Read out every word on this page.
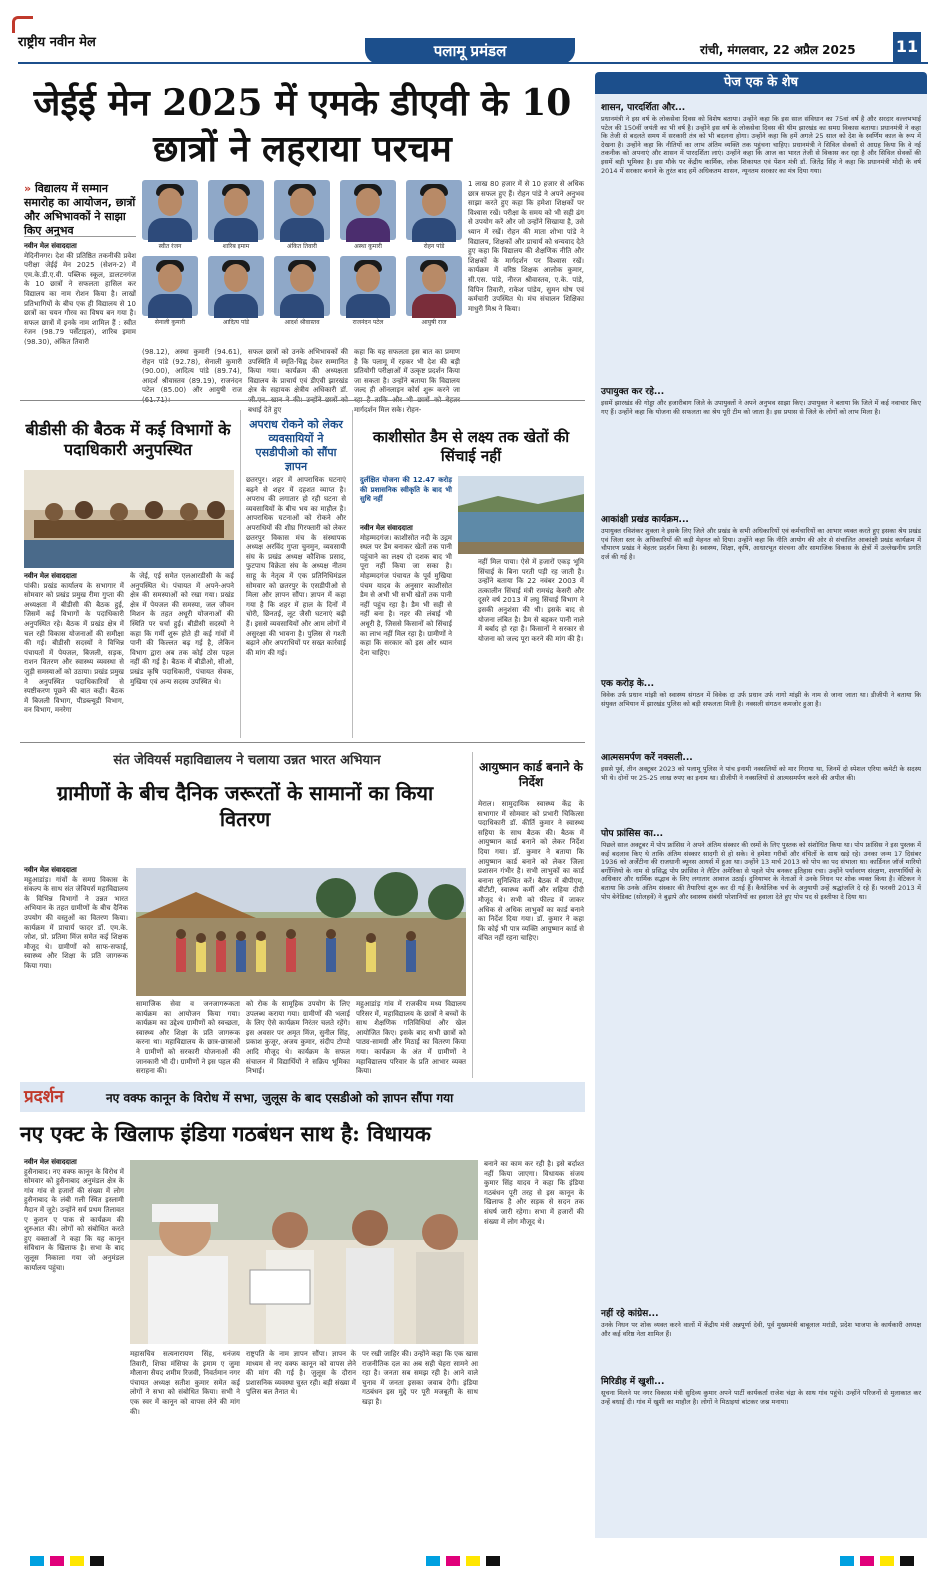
राष्ट्रीय नवीन मेल	पलामू प्रमंडल	रांची, मंगलवार, 22 अप्रैल 2025	11
जेईई मेन 2025 में एमके डीएवी के 10 छात्रों ने लहराया परचम
» विद्यालय में सम्मान समारोह का आयोजन, छात्रों और अभिभावकों ने साझा किए अनुभव
नवीन मेल संवाददाता
मेदिनीनगर। देश की प्रतिष्ठित तकनीकी प्रवेश परीक्षा जेईई मेन 2025 (सेशन-2) में एम.के.डी.ए.वी. पब्लिक स्कूल, डालटनगंज के 10 छात्रों ने सफलता हासिल कर विद्यालय का नाम रोशन किया है। लाखों प्रतिभागियों के बीच एक ही विद्यालय से 10 छात्रों का चयन गौरव का विषय बन गया है। सफल छात्रों में इनके नाम शामिल हैं : स्वीत रंजन (98.79 पर्सेंटाइल), शारिब इमाम (98.30), अंकित तिवारी
स्वीत रंजन	शारिब इमाम	अंकित तिवारी	अस्था कुमारी	रोहन पांडे
सेनाली कुमारी	आदित्य पांडे	आदर्श श्रीवास्तव	राजनंदन पटेल	आयुषी राज
(98.12), अस्था कुमारी (94.61), रोहन पांडे (92.78), सेनाली कुमारी (90.00), आदित्य पांडे (89.74), आदर्श श्रीवास्तव (89.19), राजनंदन पटेल (85.00) और आयुषी राज
सफल छात्रों को उनके अभिभावकों की उपस्थिति में स्मृति-चिह्न देकर सम्मानित किया गया। कार्यक्रम की अध्यक्षता विद्यालय के प्राचार्य एवं डीएवी झारखंड क्षेत्र के सहायक क्षेत्रीय अधिकारी डॉ. बधाई देते हुए
कहा कि यह सफलता इस बात का प्रमाण है कि पलामू में रहकर भी देश की बड़ी प्रतियोगी परीक्षाओं में उत्कृष्ट प्रदर्शन किया जा सकता है। उन्होंने बताया कि विद्यालय जल्द ही ऑनलाइन कोर्स शुरू करने जा मार्गदर्शन मिल सके। रोहन-
1 लाख 80 हजार में से 10 हजार से अधिक छात्र सफल हुए हैं। रोहन पांडे ने अपने अनुभव साझा करते हुए कहा कि हमेशा शिक्षकों पर विश्वास रखें। परीक्षा के समय को भी सही ढंग से उपयोग करें और जो उन्होंने सिखाया है, उसे ध्यान में रखें। रोहन की माता शोभा पांडे ने विद्यालय, शिक्षकों और प्राचार्य को धन्यवाद देते हुए कहा कि विद्यालय की शैक्षणिक नीति और शिक्षकों के मार्गदर्शन पर विश्वास रखें। कार्यक्रम में वरिष्ठ शिक्षक आलोक कुमार, सी.एस. पांडे, नीरज श्रीवास्तव, ए.के. पांडे, विपिन तिवारी, राकेश पांडेय, सुमन घोष एवं कर्मचारी उपस्थित थे। मंच संचालन शिक्षिका माधुरी मिश्र ने किया।
बीडीसी की बैठक में कई विभागों के पदाधिकारी अनुपस्थित
नवीन मेल संवाददाता
पांकी। प्रखंड कार्यालय के सभागार में सोमवार को प्रखंड प्रमुख रीमा गुप्ता की अध्यक्षता में बीडीसी की बैठक हुई, जिसमें कई विभागों के पदाधिकारी अनुपस्थित रहे। बैठक में प्रखंड क्षेत्र में चल रही विकास योजनाओं की समीक्षा की गई। बीडीसी सदस्यों ने विभिन्न पंचायतों में पेयजल, बिजली, सड़क, राशन वितरण और स्वास्थ्य व्यवस्था से जुड़ी समस्याओं को उठाया। प्रखंड प्रमुख ने अनुपस्थित पदाधिकारियों से स्पष्टीकरण पूछने की बात कही। बैठक में बिजली विभाग, पीडब्ल्यूडी विभाग, वन विभाग, मनरेगा
के जेई, एई समेत एलआरडीसी के कई अनुपस्थित थे। पंचायत में अपने-अपने क्षेत्र की समस्याओं को रखा गया। प्रखंड क्षेत्र में पेयजल की समस्या, जल जीवन मिशन के तहत अधूरी योजनाओं की स्थिति पर चर्चा हुई। बीडीसी सदस्यों ने कहा कि गर्मी शुरू होते ही कई गांवों में पानी की किल्लत बढ़ गई है, लेकिन विभाग द्वारा अब तक कोई ठोस पहल नहीं की गई है। बैठक में बीडीओ, सीओ, प्रखंड कृषि पदाधिकारी, पंचायत सेवक, मुखिया एवं अन्य सदस्य उपस्थित थे।
अपराध रोकने को लेकर व्यवसायियों ने एसडीपीओ को सौंपा ज्ञापन
छतरपुर। शहर में आपराधिक घटनाएं बढ़ने से शहर में दहशत व्याप्त है। अपराध की लगातार हो रही घटना से व्यवसायियों के बीच भय का माहौल है। आपराधिक घटनाओं को रोकने और अपराधियों की शीघ्र गिरफ्तारी को लेकर छतरपुर विकास मंच के संस्थापक अध्यक्ष अरविंद गुप्ता चुनमुन, व्यवसायी संघ के प्रखंड अध्यक्ष कौशिक प्रसाद, फुटपाथ विक्रेता संघ के अध्यक्ष नीतम साहू के नेतृत्व में एक प्रतिनिधिमंडल सोमवार को छतरपुर के एसडीपीओ से मिला और ज्ञापन सौंपा। ज्ञापन में कहा गया है कि शहर में हाल के दिनों में चोरी, छिनतई, लूट जैसी घटनाएं बढ़ी हैं। इससे व्यवसायियों और आम लोगों में असुरक्षा की भावना है। पुलिस से गश्ती बढ़ाने और अपराधियों पर सख्त कार्रवाई की मांग की गई।
काशीसोत डैम से लक्ष्य तक खेतों की सिंचाई नहीं
दुर्लक्षित योजना की 12.47 करोड़ की प्रशासनिक स्वीकृति के बाद भी सुधि नहीं
नवीन मेल संवाददाता
मोहम्मदगंज। काशीसोत नदी के उद्गम स्थल पर डैम बनाकर खेतों तक पानी पहुंचाने का लक्ष्य दो दशक बाद भी पूरा नहीं किया जा सका है। मोहम्मदगंज पंचायत के पूर्व मुखिया पंचम यादव के अनुसार काशीसोत डैम से अभी भी सभी खेतों तक पानी नहीं पहुंच रहा है। डैम भी सही से नहीं बना है। नहर की लंबाई भी अधूरी है, जिससे किसानों को सिंचाई का लाभ नहीं मिल रहा है। ग्रामीणों ने कहा कि सरकार को इस ओर ध्यान देना चाहिए।
नहीं मिल पाया। ऐसे में हजारों एकड़ भूमि सिंचाई के बिना परती पड़ी रह जाती है। उन्होंने बताया कि 22 नवंबर 2003 में तत्कालीन सिंचाई मंत्री रामचंद्र केसरी और दूसरे वर्ष 2013 में लघु सिंचाई विभाग ने इसकी अनुशंसा की थी। इसके बाद से योजना लंबित है। डैम से बहकर पानी नाले में बर्बाद हो रहा है। किसानों ने सरकार से योजना को जल्द पूरा करने की मांग की है।
संत जेवियर्स महाविद्यालय ने चलाया उन्नत भारत अभियान
ग्रामीणों के बीच दैनिक जरूरतों के सामानों का किया वितरण
नवीन मेल संवाददाता
महुआडांड़। गांवों के समग्र विकास के संकल्प के साथ संत जेवियर्स महाविद्यालय के विभिन्न विभागों ने उन्नत भारत अभियान के तहत ग्रामीणों के बीच दैनिक उपयोग की वस्तुओं का वितरण किया। कार्यक्रम में प्राचार्य फादर डॉ. एम.के. जोश, प्रो. प्रतिमा मिंज समेत कई शिक्षक मौजूद थे। ग्रामीणों को साफ-सफाई, स्वास्थ्य और शिक्षा के प्रति जागरूक किया गया।
सामाजिक सेवा व जनजागरूकता कार्यक्रम का आयोजन किया गया। कार्यक्रम का उद्देश्य ग्रामीणों को स्वच्छता, स्वास्थ्य और शिक्षा के प्रति जागरूक करना था। महाविद्यालय के छात्र-छात्राओं ने ग्रामीणों को सरकारी योजनाओं की जानकारी भी दी। ग्रामीणों ने इस पहल की सराहना की।
को रोक के सामूहिक उपयोग के लिए उपलब्ध कराया गया। ग्रामीणों की भलाई के लिए ऐसे कार्यक्रम निरंतर चलते रहेंगे। इस अवसर पर अमृत मिंज, सुनील सिंह, प्रकाश कुजूर, अजय कुमार, संदीप टोप्पो आदि मौजूद थे। कार्यक्रम के सफल संचालन में विद्यार्थियों ने सक्रिय भूमिका निभाई।
महुआडांड़ गांव में राजकीय मध्य विद्यालय परिसर में, महाविद्यालय के छात्रों ने बच्चों के साथ शैक्षणिक गतिविधियां और खेल आयोजित किए। इसके बाद सभी छात्रों को पाठ्य-सामग्री और मिठाई का वितरण किया गया। कार्यक्रम के अंत में ग्रामीणों ने महाविद्यालय परिवार के प्रति आभार व्यक्त किया।
आयुष्मान कार्ड बनाने के निर्देश
मेराल। सामुदायिक स्वास्थ्य केंद्र के सभागार में सोमवार को प्रभारी चिकित्सा पदाधिकारी डॉ. कीर्ति कुमार ने स्वास्थ्य सहिया के साथ बैठक की। बैठक में आयुष्मान कार्ड बनाने को लेकर निर्देश दिया गया। डॉ. कुमार ने बताया कि आयुष्मान कार्ड बनाने को लेकर जिला प्रशासन गंभीर है। सभी लाभुकों का कार्ड बनाना सुनिश्चित करें। बैठक में बीपीएम, बीटीटी, स्वास्थ्य कर्मी और सहिया दीदी मौजूद थे। सभी को फील्ड में जाकर अधिक से अधिक लाभुकों का कार्ड बनाने का निर्देश दिया गया। डॉ. कुमार ने कहा कि कोई भी पात्र व्यक्ति आयुष्मान कार्ड से वंचित नहीं रहना चाहिए।
प्रदर्शन	नए वक्फ कानून के विरोध में सभा, जुलूस के बाद एसडीओ को ज्ञापन सौंपा गया
नए एक्ट के खिलाफ इंडिया गठबंधन साथ है: विधायक
नवीन मेल संवाददाता
हुसैनाबाद। नए वक्फ कानून के विरोध में सोमवार को हुसैनाबाद अनुमंडल क्षेत्र के गांव गांव से हजारों की संख्या में लोग हुसैनाबाद के लंबी गली स्थित इस्लामी मैदान में जुटे। उन्होंने सर्व प्रथम तिलावत ए कुरान ए पाक से कार्यक्रम की शुरुआत की। लोगों को संबोधित करते हुए वक्ताओं ने कहा कि यह कानून संविधान के खिलाफ है। सभा के बाद जुलूस निकाला गया जो अनुमंडल कार्यालय पहुंचा।
महासचिव सत्यनारायण सिंह, धनंजय तिवारी, शिफा मंसिफा के इमाम ए जुमा मौलाना सैयद शमीम रिजवी, निवर्तमान नगर पंचायत अध्यक्ष सतीश कुमार समेत कई लोगों ने सभा को संबोधित किया। सभी ने एक स्वर में कानून को वापस लेने की मांग की।
राष्ट्रपति के नाम ज्ञापन सौंपा। ज्ञापन के माध्यम से नए वक्फ कानून को वापस लेने की मांग की गई है। जुलूस के दौरान प्रशासनिक व्यवस्था चुस्त रही। बड़ी संख्या में पुलिस बल तैनात थे।
पर रखी जाहिर की। उन्होंने कहा कि एक खास राजनीतिक दल का अब सही चेहरा सामने आ रहा है। जनता सब समझ रही है। आने वाले चुनाव में जनता इसका जवाब देगी। इंडिया गठबंधन इस मुद्दे पर पूरी मजबूती के साथ खड़ा है।
बनाने का काम कर रही है। इसे बर्दाश्त नहीं किया जाएगा। विधायक संजय कुमार सिंह यादव ने कहा कि इंडिया गठबंधन पूरी तरह से इस कानून के खिलाफ है और सड़क से सदन तक संघर्ष जारी रहेगा। सभा में हजारों की संख्या में लोग मौजूद थे।
पेज एक के शेष
शासन, पारदर्शिता और...
प्रधानमंत्री ने इस वर्ष के लोकसेवा दिवस को विशेष बताया। उन्होंने कहा कि इस साल संविधान का 75वां वर्ष है और सरदार वल्लभभाई पटेल की 150वीं जयंती का भी वर्ष है। उन्होंने इस वर्ष के लोकसेवा दिवस की थीम झारखंड का समग्र विकास बताया। प्रधानमंत्री ने कहा कि तेजी से बदलते समय में सरकारी तंत्र को भी बदलना होगा। उन्होंने कहा कि हमें अगले 25 साल को देश के स्वर्णिम काल के रूप में देखना है। उन्होंने कहा कि नीतियों का लाभ अंतिम व्यक्ति तक पहुंचना चाहिए। प्रधानमंत्री ने सिविल सेवकों से आग्रह किया कि वे नई तकनीक को अपनाएं और शासन में पारदर्शिता लाएं। उन्होंने कहा कि आज का भारत तेजी से विकास कर रहा है और सिविल सेवकों की इसमें बड़ी भूमिका है। इस मौके पर केंद्रीय कार्मिक, लोक शिकायत एवं पेंशन मंत्री डॉ. जितेंद्र सिंह ने कहा कि प्रधानमंत्री मोदी के वर्ष 2014 में सरकार बनाने के तुरंत बाद हमें अधिकतम शासन, न्यूनतम सरकार का मंत्र दिया गया।
उपायुक्त कर रहे...
इसमें झारखंड की गोड्डा और हजारीबाग जिले के उपायुक्तों ने अपने अनुभव साझा किए। उपायुक्त ने बताया कि जिले में कई नवाचार किए गए हैं। उन्होंने कहा कि योजना की सफलता का श्रेय पूरी टीम को जाता है। इस प्रयास से जिले के लोगों को लाभ मिला है।
आकांक्षी प्रखंड कार्यक्रम...
उपायुक्त रविशंकर शुक्ला ने इसके लिए जिले और प्रखंड के सभी अधिकारियों एवं कर्मचारियों का आभार व्यक्त करते हुए इसका श्रेय प्रखंड एवं जिला स्तर के अधिकारियों की कड़ी मेहनत को दिया। उन्होंने कहा कि नीति आयोग की ओर से संचालित आकांक्षी प्रखंड कार्यक्रम में चौपारण प्रखंड ने बेहतर प्रदर्शन किया है। स्वास्थ्य, शिक्षा, कृषि, आधारभूत संरचना और सामाजिक विकास के क्षेत्रों में उल्लेखनीय प्रगति दर्ज की गई है।
एक करोड़ के...
विवेक उर्फ प्रधान मांझी को स्वास्थ्य संगठन में विवेक दा उर्फ प्रधान उर्फ नागो मांझी के नाम से जाना जाता था। डीजीपी ने बताया कि संयुक्त अभियान में झारखंड पुलिस को बड़ी सफलता मिली है। नक्सली संगठन कमजोर हुआ है।
आत्मसमर्पण करें नक्सली...
इससे पूर्व, तीन अक्टूबर 2023 को पलामू पुलिस ने पांच इनामी नक्सलियों को मार गिराया था, जिनमें दो स्पेशल एरिया कमेटी के सदस्य भी थे। दोनों पर 25-25 लाख रुपए का इनाम था। डीजीपी ने नक्सलियों से आत्मसमर्पण करने की अपील की।
पोप फ्रांसिस का...
पिछले साल अक्टूबर में पोप फ्रांसिस ने अपने अंतिम संस्कार की रस्मों के लिए पुस्तक को संशोधित किया था। पोप फ्रांसिस ने इस पुस्तक में कई बदलाव किए थे ताकि अंतिम संस्कार सादगी से हो सके। वे हमेशा गरीबों और वंचितों के साथ खड़े रहे। उनका जन्म 17 दिसंबर 1936 को अर्जेंटीना की राजधानी ब्यूनस आयर्स में हुआ था। उन्होंने 13 मार्च 2013 को पोप का पद संभाला था। कार्डिनल जॉर्ज मारियो बर्गोग्लियो के नाम से प्रसिद्ध पोप फ्रांसिस ने लैटिन अमेरिका से पहले पोप बनकर इतिहास रचा। उन्होंने पर्यावरण संरक्षण, शरणार्थियों के अधिकार और धार्मिक सद्भाव के लिए लगातार आवाज उठाई। दुनियाभर के नेताओं ने उनके निधन पर शोक व्यक्त किया है। वेटिकन ने बताया कि उनके अंतिम संस्कार की तैयारियां शुरू कर दी गई हैं। कैथोलिक चर्च के अनुयायी उन्हें श्रद्धांजलि दे रहे हैं। फरवरी 2013 में पोप बेनेडिक्ट (सोलहवें) ने बुढ़ापे और स्वास्थ्य संबंधी परेशानियों का हवाला देते हुए पोप पद से इस्तीफा दे दिया था।
नहीं रहे कांग्रेस...
उनके निधन पर शोक व्यक्त करने वालों में केंद्रीय मंत्री अन्नपूर्णा देवी, पूर्व मुख्यमंत्री बाबूलाल मरांडी, प्रदेश भाजपा के कार्यकारी अध्यक्ष और कई वरिष्ठ नेता शामिल हैं।
मिरिडीह में खुशी...
सूचना मिलने पर नगर विकास मंत्री सुदिव्य कुमार अपने पार्टी कार्यकर्ता राजेश चंद्रा के साथ गांव पहुंचे। उन्होंने परिजनों से मुलाकात कर उन्हें बधाई दी। गांव में खुशी का माहौल है। लोगों ने मिठाइयां बांटकर जश्न मनाया।
